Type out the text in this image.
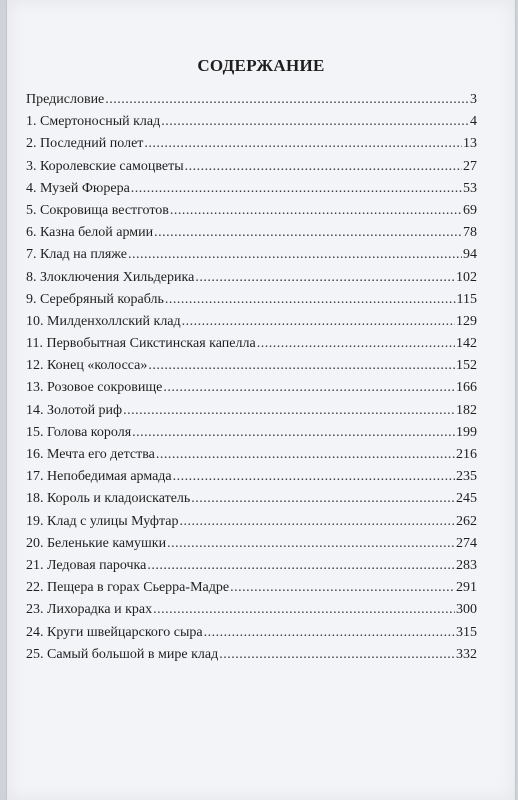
СОДЕРЖАНИЕ
Предисловие .....	3
1. Смертоносный клад .....	4
2. Последний полет .....	13
3. Королевские самоцветы .....	27
4. Музей Фюрера .....	53
5. Сокровища вестготов .....	69
6. Казна белой армии .....	78
7. Клад на пляже .....	94
8. Злоключения Хильдерика .....	102
9. Серебряный корабль .....	115
10. Милденхоллский клад .....	129
11. Первобытная Сикстинская капелла .....	142
12. Конец «колосса» .....	152
13. Розовое сокровище .....	166
14. Золотой риф .....	182
15. Голова короля .....	199
16. Мечта его детства .....	216
17. Непобедимая армада .....	235
18. Король и кладоискатель .....	245
19. Клад с улицы Муфтар .....	262
20. Беленькие камушки .....	274
21. Ледовая парочка .....	283
22. Пещера в горах Сьерра-Мадре .....	291
23. Лихорадка и крах .....	300
24. Круги швейцарского сыра .....	315
25. Самый большой в мире клад .....	332
